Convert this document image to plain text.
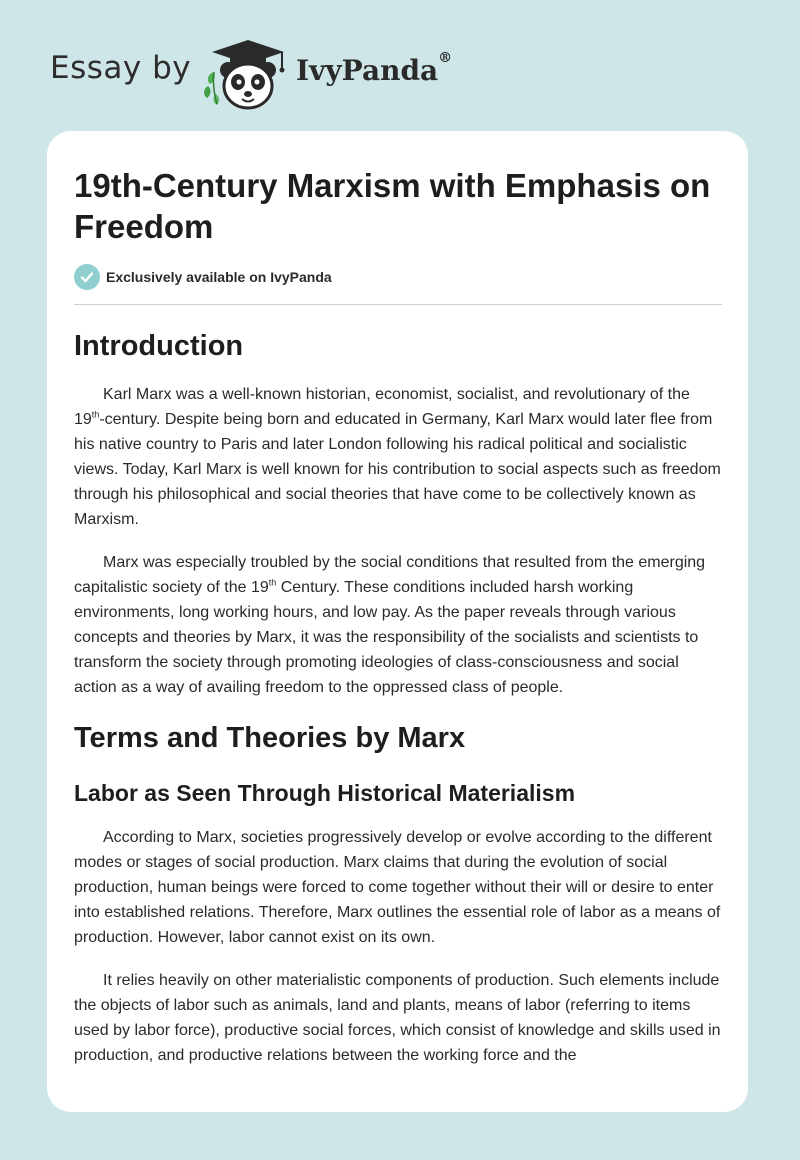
Essay by	IvyPanda®
19th-Century Marxism with Emphasis on Freedom
Exclusively available on IvyPanda
Introduction

Karl Marx was a well-known historian, economist, socialist, and revolutionary of the 19th-century. Despite being born and educated in Germany, Karl Marx would later flee from his native country to Paris and later London following his radical political and socialistic views. Today, Karl Marx is well known for his contribution to social aspects such as freedom through his philosophical and social theories that have come to be collectively known as Marxism.

Marx was especially troubled by the social conditions that resulted from the emerging capitalistic society of the 19th Century. These conditions included harsh working environments, long working hours, and low pay. As the paper reveals through various concepts and theories by Marx, it was the responsibility of the socialists and scientists to transform the society through promoting ideologies of class-consciousness and social action as a way of availing freedom to the oppressed class of people.

Terms and Theories by Marx
Labor as Seen Through Historical Materialism

According to Marx, societies progressively develop or evolve according to the different modes or stages of social production. Marx claims that during the evolution of social production, human beings were forced to come together without their will or desire to enter into established relations. Therefore, Marx outlines the essential role of labor as a means of production. However, labor cannot exist on its own.

It relies heavily on other materialistic components of production. Such elements include the objects of labor such as animals, land and plants, means of labor (referring to items used by labor force), productive social forces, which consist of knowledge and skills used in production, and productive relations between the working force and the
